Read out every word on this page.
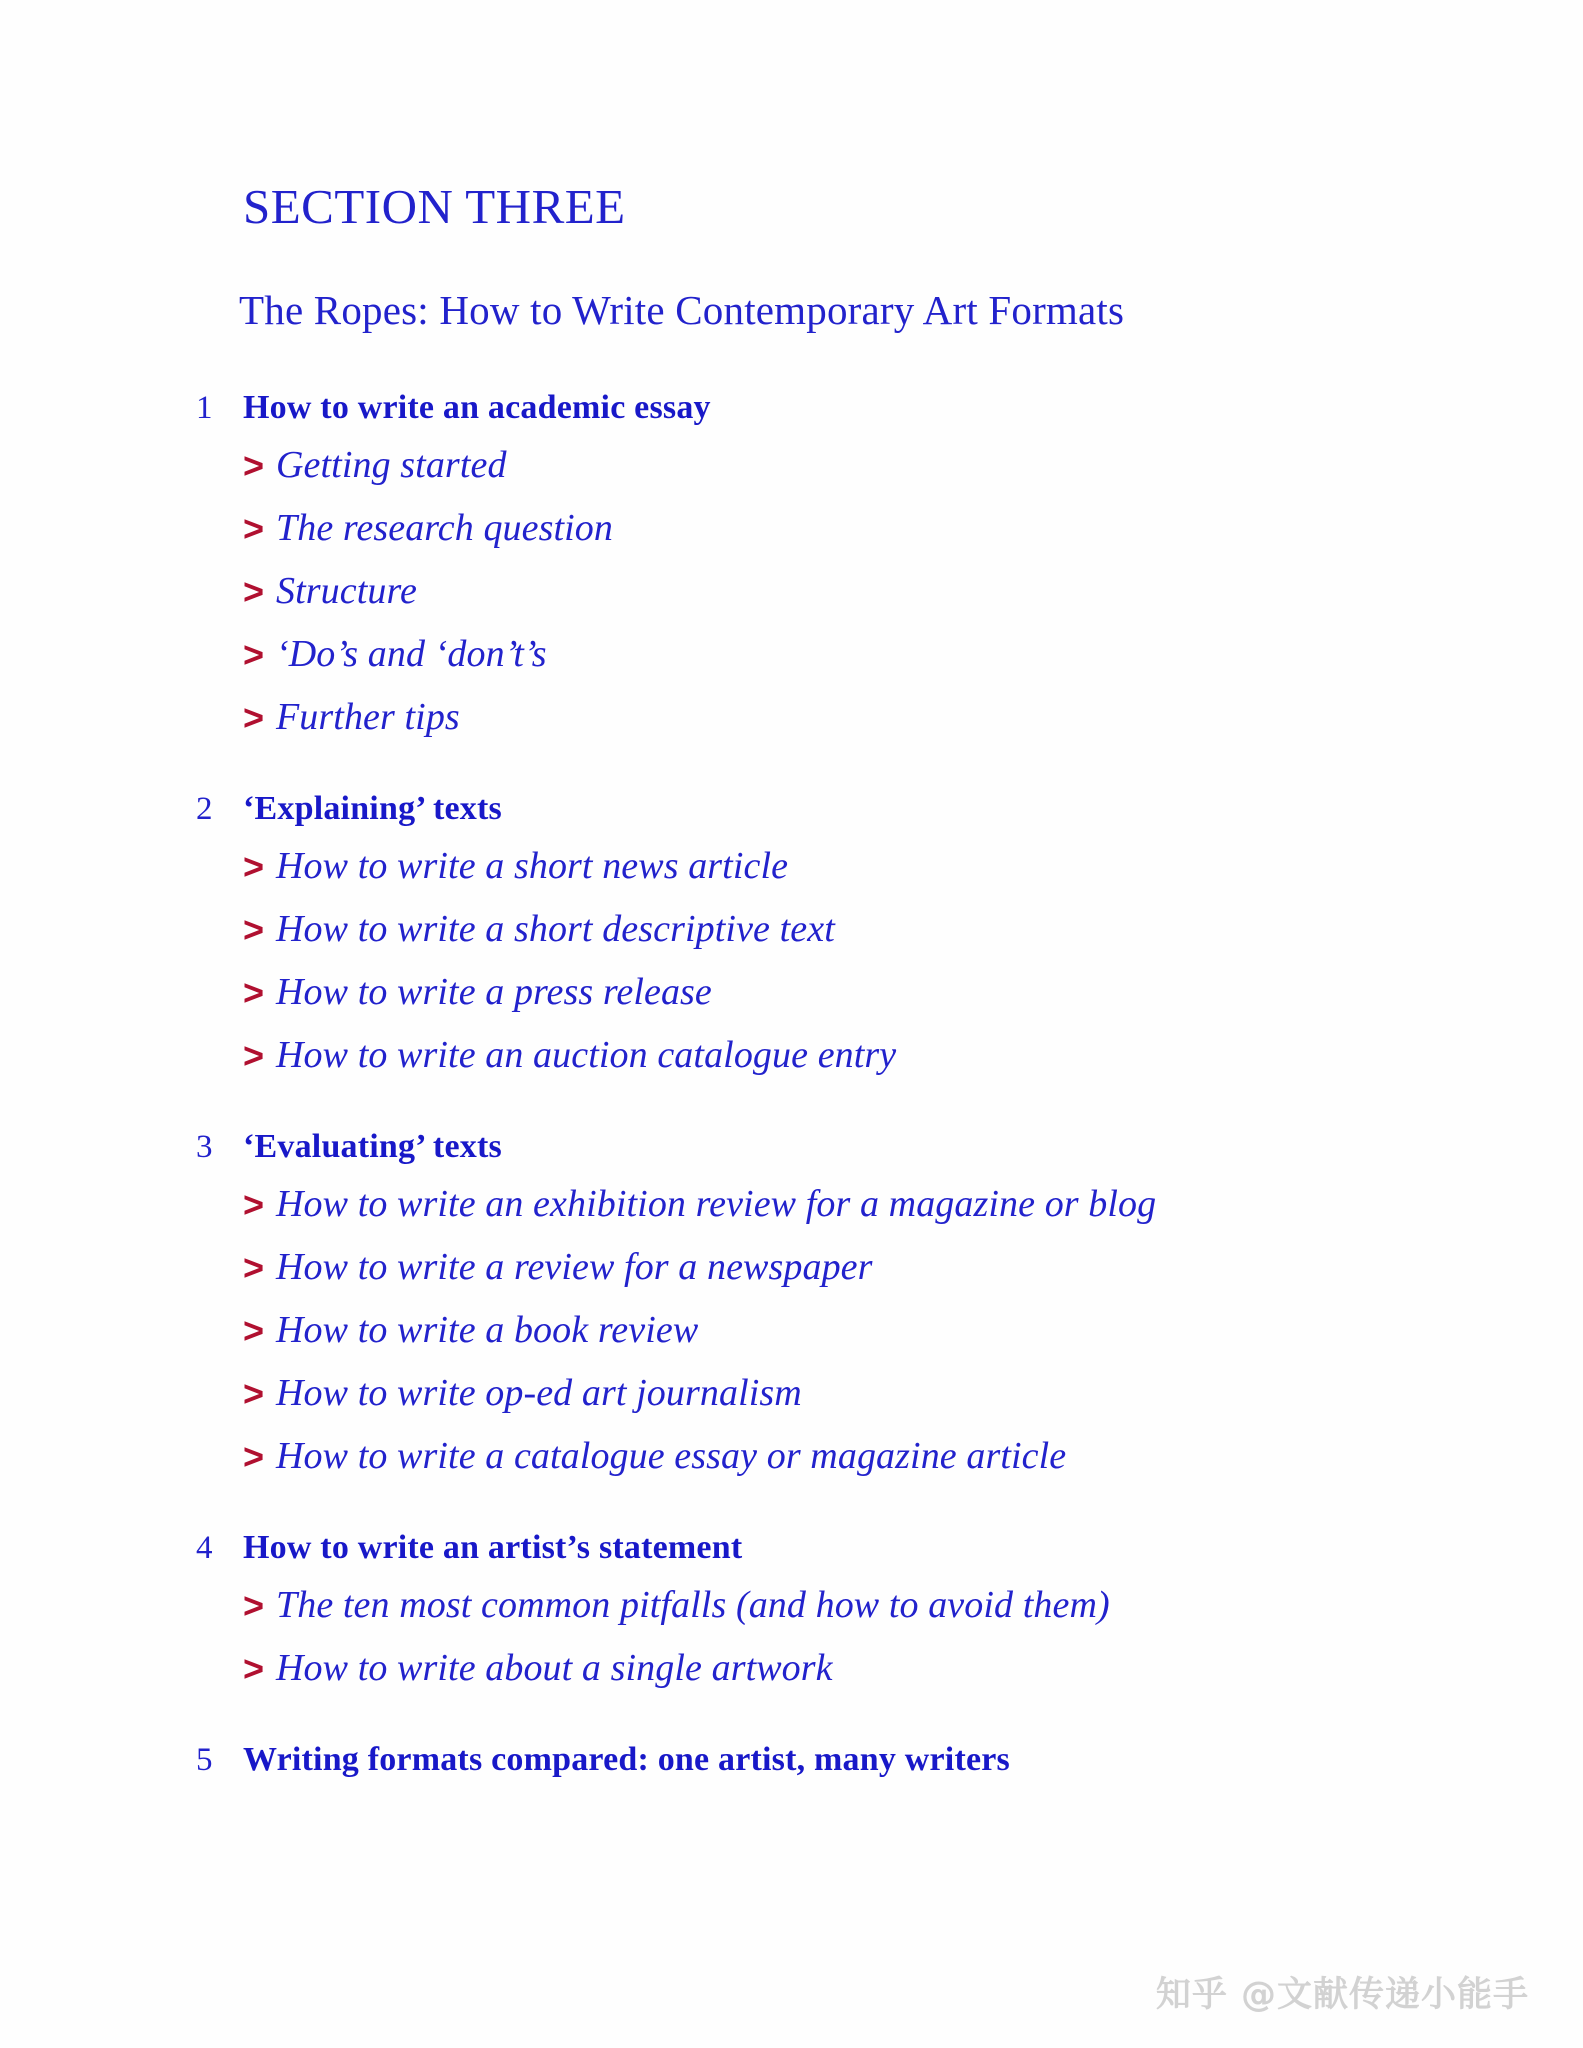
SECTION THREE
The Ropes: How to Write Contemporary Art Formats
1 How to write an academic essay
> Getting started
> The research question
> Structure
> ‘Do’s and ‘don’t’s
> Further tips
2 ‘Explaining’ texts
> How to write a short news article
> How to write a short descriptive text
> How to write a press release
> How to write an auction catalogue entry
3 ‘Evaluating’ texts
> How to write an exhibition review for a magazine or blog
> How to write a review for a newspaper
> How to write a book review
> How to write op-ed art journalism
> How to write a catalogue essay or magazine article
4 How to write an artist’s statement
> The ten most common pitfalls (and how to avoid them)
> How to write about a single artwork
5 Writing formats compared: one artist, many writers
知乎 @文献传递小能手
